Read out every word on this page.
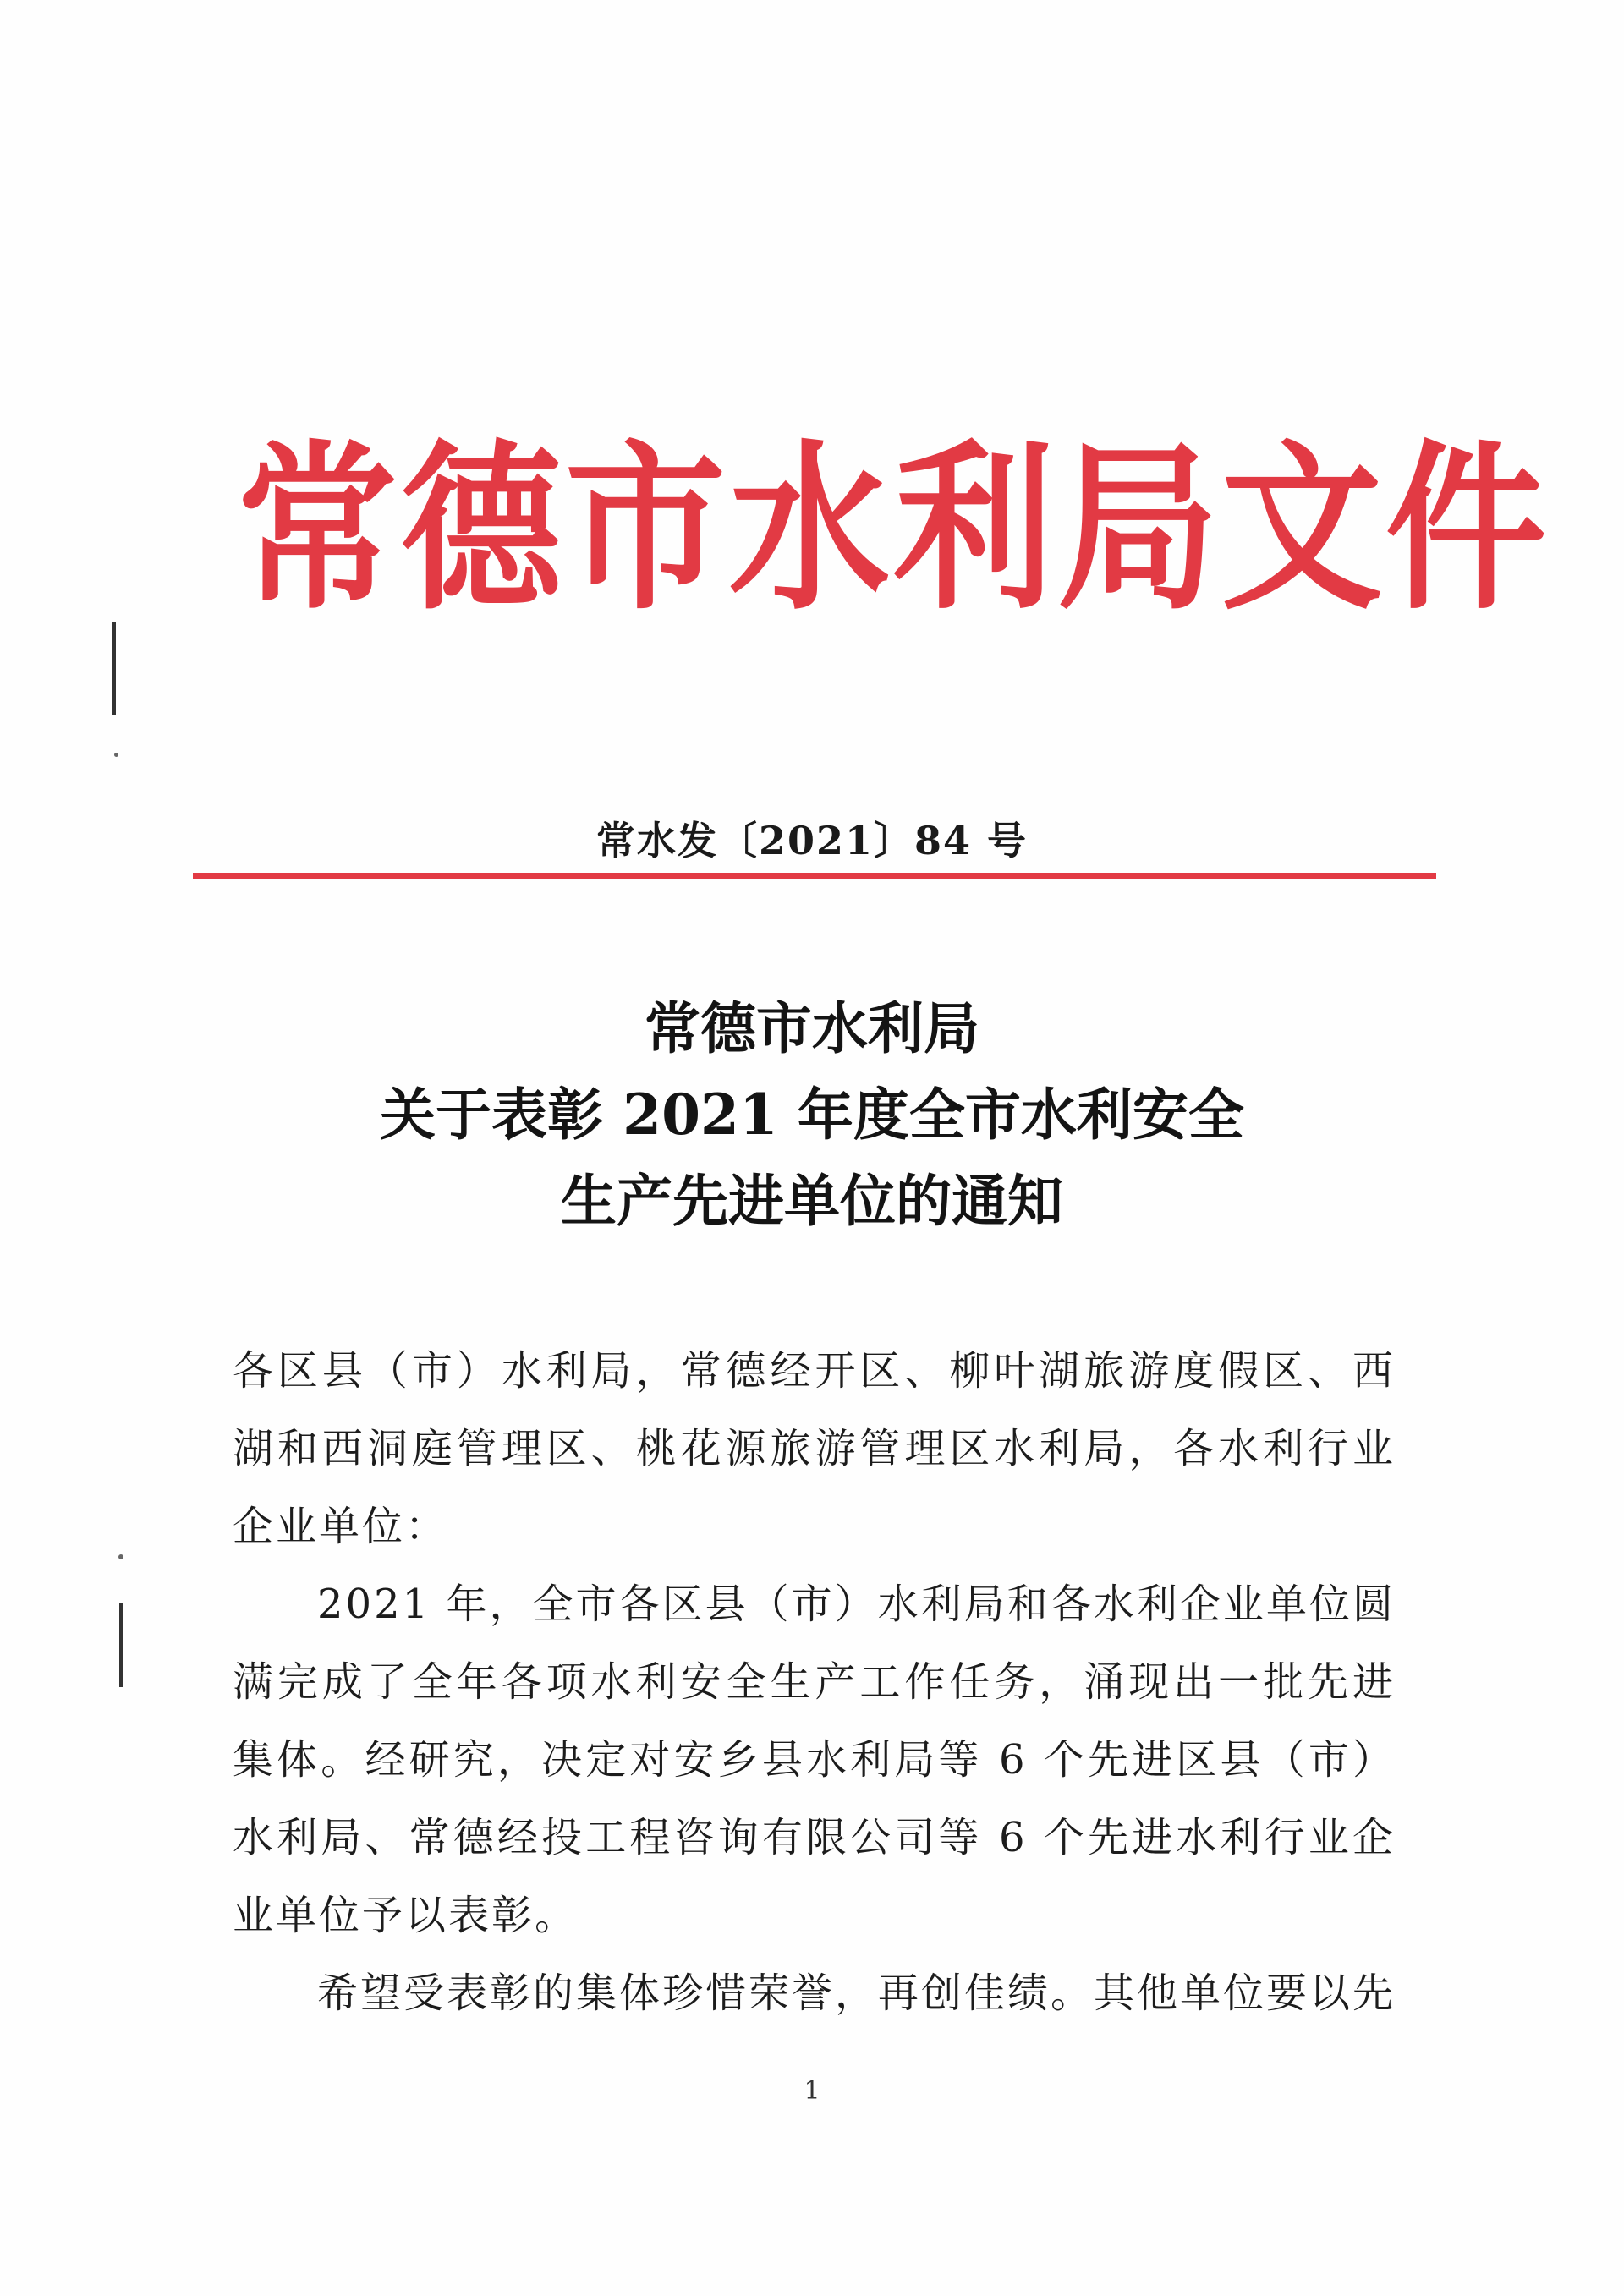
常德市水利局文件
常水发〔2021〕84 号
常德市水利局
关于表彰 2021 年度全市水利安全
生产先进单位的通知

各区县（市）水利局，常德经开区、柳叶湖旅游度假区、西湖和西洞庭管理区、桃花源旅游管理区水利局，各水利行业企业单位：

2021 年，全市各区县（市）水利局和各水利企业单位圆满完成了全年各项水利安全生产工作任务，涌现出一批先进集体。经研究，决定对安乡县水利局等 6 个先进区县（市）水利局、常德经投工程咨询有限公司等 6 个先进水利行业企业单位予以表彰。

希望受表彰的集体珍惜荣誉，再创佳绩。其他单位要以先

1
